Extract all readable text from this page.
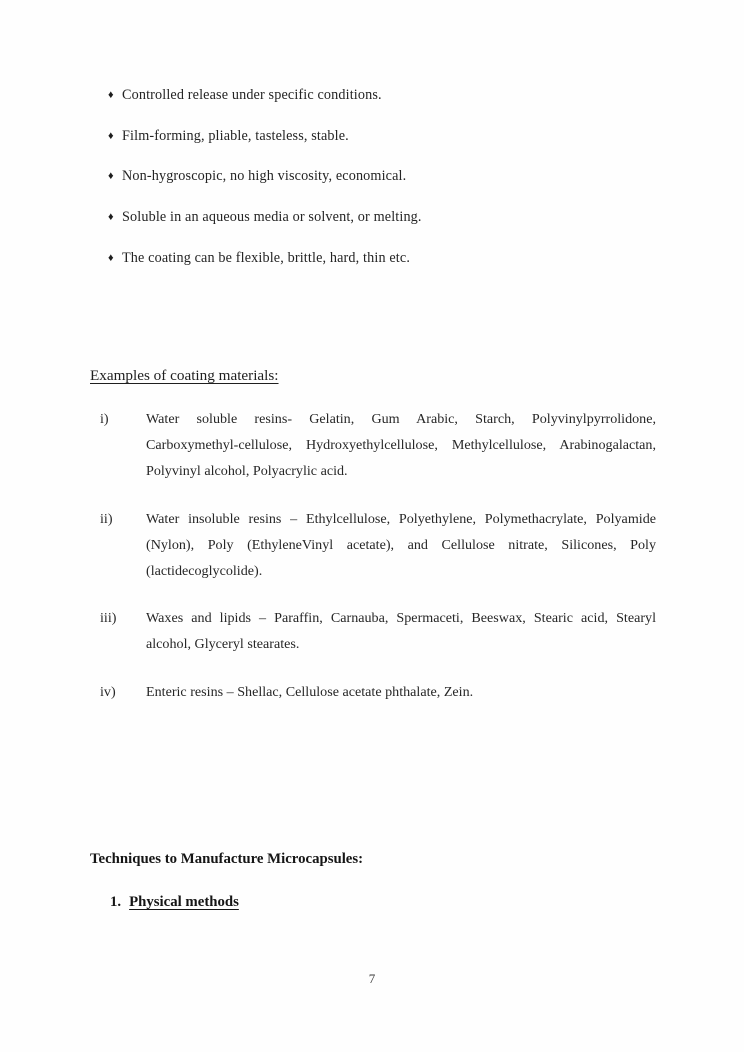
♦ Controlled release under specific conditions.
♦ Film-forming, pliable, tasteless, stable.
♦ Non-hygroscopic, no high viscosity, economical.
♦ Soluble in an aqueous media or solvent, or melting.
♦ The coating can be flexible, brittle, hard, thin etc.
Examples of coating materials:
i)	Water soluble resins- Gelatin, Gum Arabic, Starch, Polyvinylpyrrolidone, Carboxymethyl-cellulose, Hydroxyethylcellulose, Methylcellulose, Arabinogalactan, Polyvinyl alcohol, Polyacrylic acid.
ii) Water insoluble resins – Ethylcellulose, Polyethylene, Polymethacrylate, Polyamide (Nylon), Poly (EthyleneVinyl acetate), and Cellulose nitrate, Silicones, Poly (lactidecoglycolide).
iii) Waxes and lipids – Paraffin, Carnauba, Spermaceti, Beeswax, Stearic acid, Stearyl alcohol, Glyceryl stearates.
iv) Enteric resins – Shellac, Cellulose acetate phthalate, Zein.
Techniques to Manufacture Microcapsules:
1. Physical methods
7
